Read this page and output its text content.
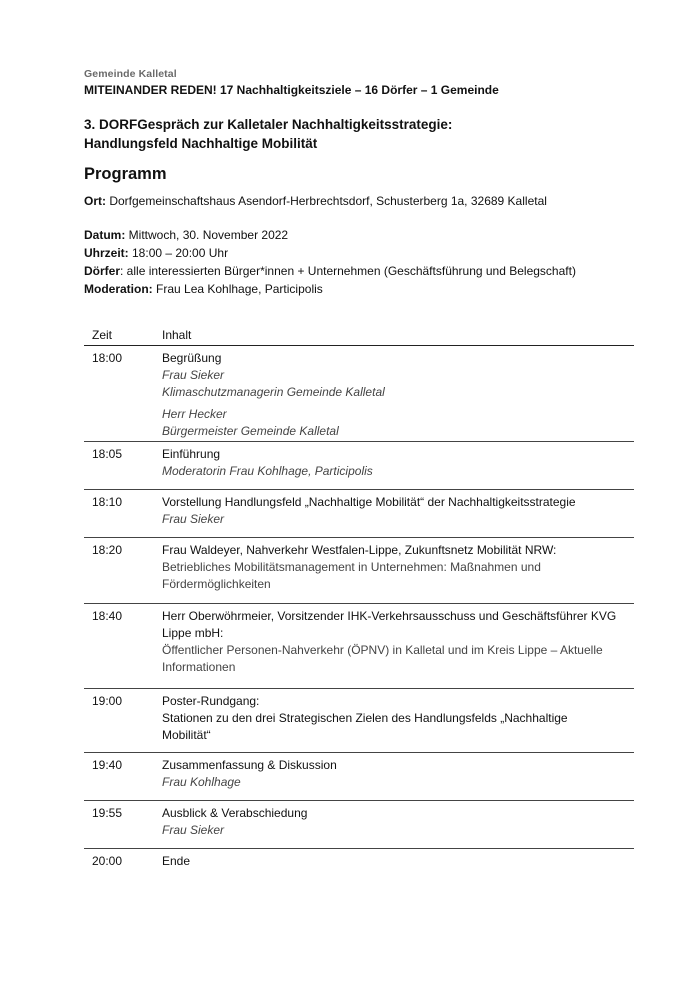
Gemeinde Kalletal
MITEINANDER REDEN! 17 Nachhaltigkeitsziele – 16 Dörfer – 1 Gemeinde
3. DORFGespräch zur Kalletaler Nachhaltigkeitsstrategie:
Handlungsfeld Nachhaltige Mobilität
Programm
Ort: Dorfgemeinschaftshaus Asendorf-Herbrechtsdorf, Schusterberg 1a, 32689 Kalletal
Datum: Mittwoch, 30. November 2022
Uhrzeit: 18:00 – 20:00 Uhr
Dörfer: alle interessierten Bürger*innen + Unternehmen (Geschäftsführung und Belegschaft)
Moderation: Frau Lea Kohlhage, Participolis
Zeit	Inhalt
18:00	Begrüßung
Frau Sieker
Klimaschutzmanagerin Gemeinde Kalletal
Herr Hecker
Bürgermeister Gemeinde Kalletal
18:05	Einführung
Moderatorin Frau Kohlhage, Participolis
18:10	Vorstellung Handlungsfeld „Nachhaltige Mobilität“ der Nachhaltigkeitsstrategie
Frau Sieker
18:20	Frau Waldeyer, Nahverkehr Westfalen-Lippe, Zukunftsnetz Mobilität NRW:
Betriebliches Mobilitätsmanagement in Unternehmen: Maßnahmen und
Fördermöglichkeiten
18:40	Herr Oberwöhrmeier, Vorsitzender IHK-Verkehrsausschuss und Geschäftsführer KVG
Lippe mbH:
Öffentlicher Personen-Nahverkehr (ÖPNV) in Kalletal und im Kreis Lippe – Aktuelle
Informationen
19:00	Poster-Rundgang:
Stationen zu den drei Strategischen Zielen des Handlungsfelds „Nachhaltige
Mobilität“
19:40	Zusammenfassung & Diskussion
Frau Kohlhage
19:55	Ausblick & Verabschiedung
Frau Sieker
20:00	Ende
